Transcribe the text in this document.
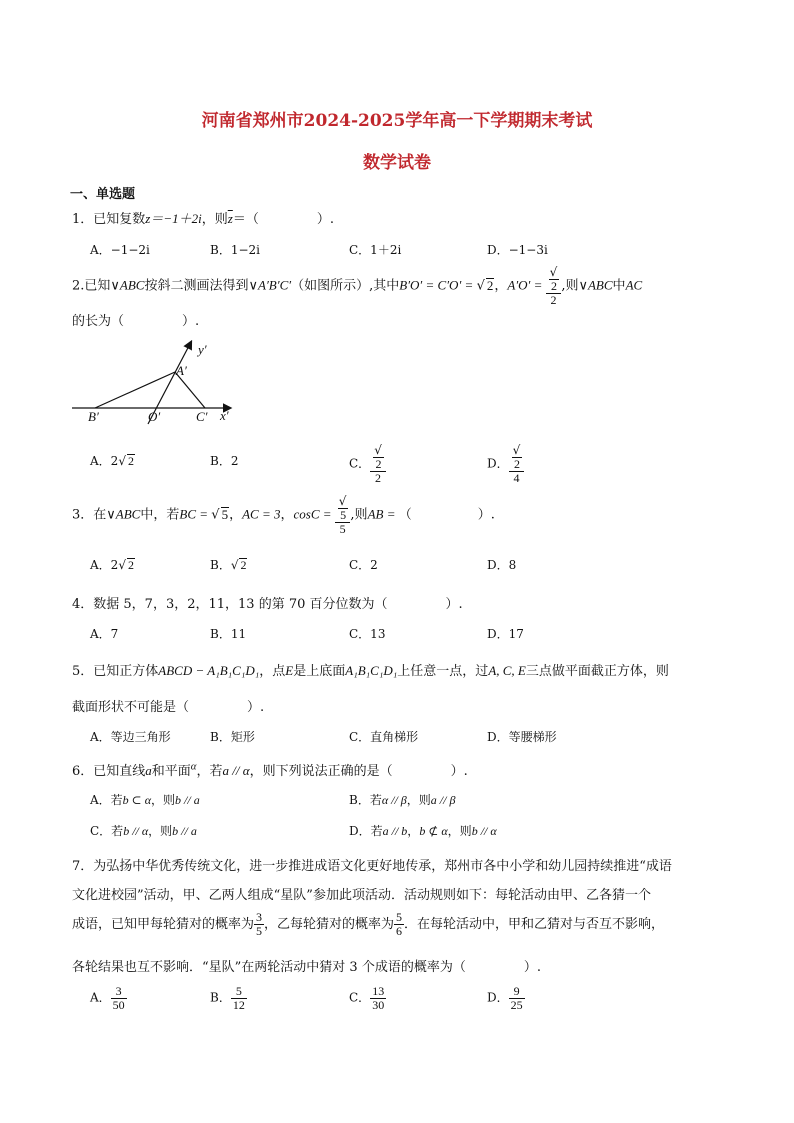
河南省郑州市2024-2025学年高一下学期期末考试
数学试卷
一、单选题
1．已知复数z＝−1＋2i，则$\overline{z}=$（	）.
A．−1−2i	B．1−2i	C．1＋2i	D．−1−3i
2.已知∨ABC按斜二测画法得到∨A′B′C′（如图所示）,其中B′O′ = C′O′ = √ 2，A′O′ = √
2
2 ,则∨ABC中AC
的长为（	）.
y′
A′
B′	O′	C′ x′
A．2√ 2	B．2	C． √
2
2	D． √
2
4
3．在∨ABC中，若BC = √ 5，AC = 3，cosC = √
5
5 ,则AB = （	）.
A．2√ 2	B．√ 2	C．2	D．8
4．数据 5，7，3，2，11，13 的第 70 百分位数为（	）.
A．7	B．11	C．13	D．17
5．已知正方体ABCD − A₁B₁C₁D₁，点E是上底面A₁B₁C₁D₁上任意一点，过A, C, E三点做平面截正方体，则
截面形状不可能是（	）.
A．等边三角形	B．矩形	C．直角梯形	D．等腰梯形
6．已知直线a和平面$^\alpha$，若a // α，则下列说法正确的是（	）.
A．若b ⊂ α，则b // a	B．若α // β，则a // β
C．若b // α，则b // a	D．若a // b，b ⊄ α，则b // α
7．为弘扬中华优秀传统文化，进一步推进成语文化更好地传承，郑州市各中小学和幼儿园持续推进“成语
文化进校园”活动，甲、乙两人组成“星队”参加此项活动．活动规则如下：每轮活动由甲、乙各猜一个
成语，已知甲每轮猜对的概率为 $\frac{3}{5}$ ，乙每轮猜对的概率为 $\frac{5}{6}$ ．在每轮活动中，甲和乙猜对与否互不影响，
各轮结果也互不影响．“星队”在两轮活动中猜对 3 个成语的概率为（	）.
A． $\frac{3}{50}$	B． $\frac{5}{12}$	C． $\frac{13}{30}$	D． $\frac{9}{25}$
